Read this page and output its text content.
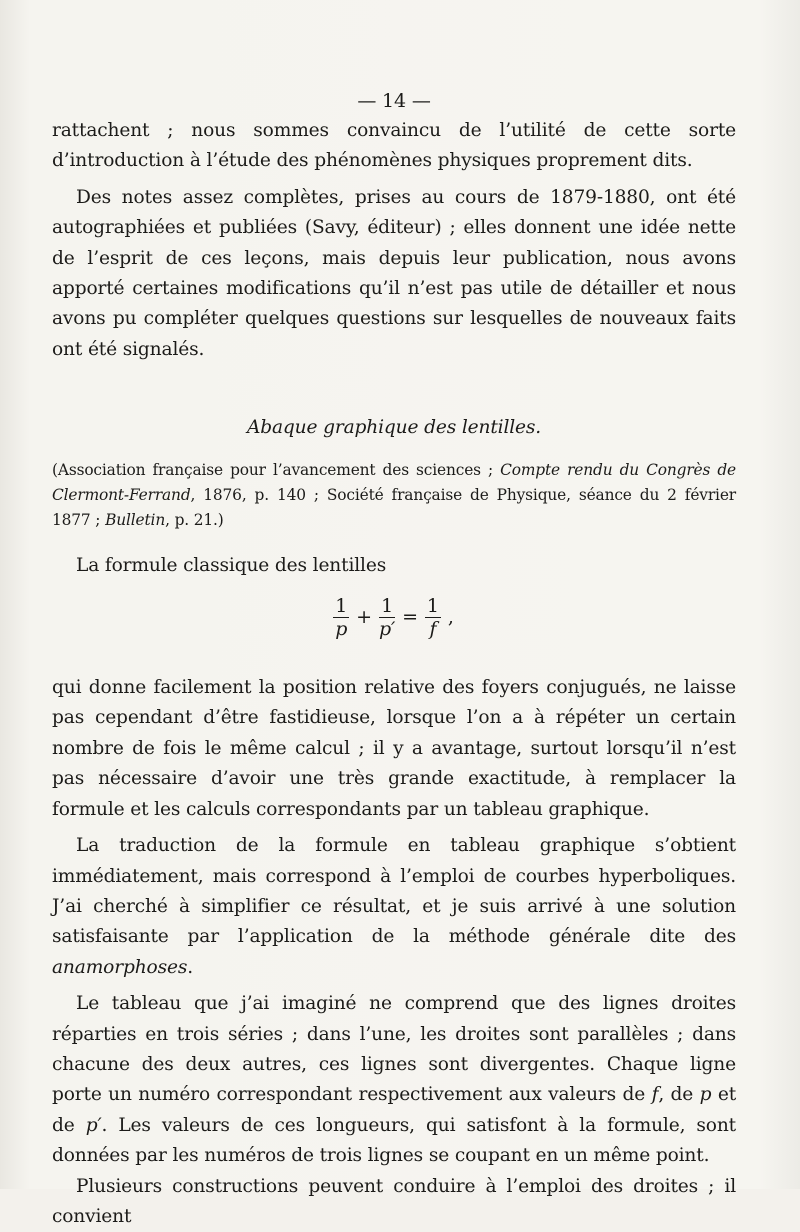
— 14 —

rattachent ; nous sommes convaincu de l’utilité de cette sorte d’introduction à l’étude des phénomènes physiques proprement dits.

Des notes assez complètes, prises au cours de 1879-1880, ont été autographiées et publiées (Savy, éditeur) ; elles donnent une idée nette de l’esprit de ces leçons, mais depuis leur publication, nous avons apporté certaines modifications qu’il n’est pas utile de détailler et nous avons pu compléter quelques questions sur lesquelles de nouveaux faits ont été signalés.

Abaque graphique des lentilles.

(Association française pour l’avancement des sciences ; Compte rendu du Congrès de Clermont-Ferrand, 1876, p. 140 ; Société française de Physique, séance du 2 février 1877 ; Bulletin, p. 21.)

La formule classique des lentilles

$\frac{1}{p} + \frac{1}{p'} = \frac{1}{f}$ ,

qui donne facilement la position relative des foyers conjugués, ne laisse pas cependant d’être fastidieuse, lorsque l’on a à répéter un certain nombre de fois le même calcul ; il y a avantage, surtout lorsqu’il n’est pas nécessaire d’avoir une très grande exactitude, à remplacer la formule et les calculs correspondants par un tableau graphique.

La traduction de la formule en tableau graphique s’obtient immédiatement, mais correspond à l’emploi de courbes hyperboliques. J’ai cherché à simplifier ce résultat, et je suis arrivé à une solution satisfaisante par l’application de la méthode générale dite des anamorphoses.

Le tableau que j’ai imaginé ne comprend que des lignes droites réparties en trois séries ; dans l’une, les droites sont parallèles ; dans chacune des deux autres, ces lignes sont divergentes. Chaque ligne porte un numéro correspondant respectivement aux valeurs de f, de p et de p′. Les valeurs de ces longueurs, qui satisfont à la formule, sont données par les numéros de trois lignes se coupant en un même point.

Plusieurs constructions peuvent conduire à l’emploi des droites ; il convient
